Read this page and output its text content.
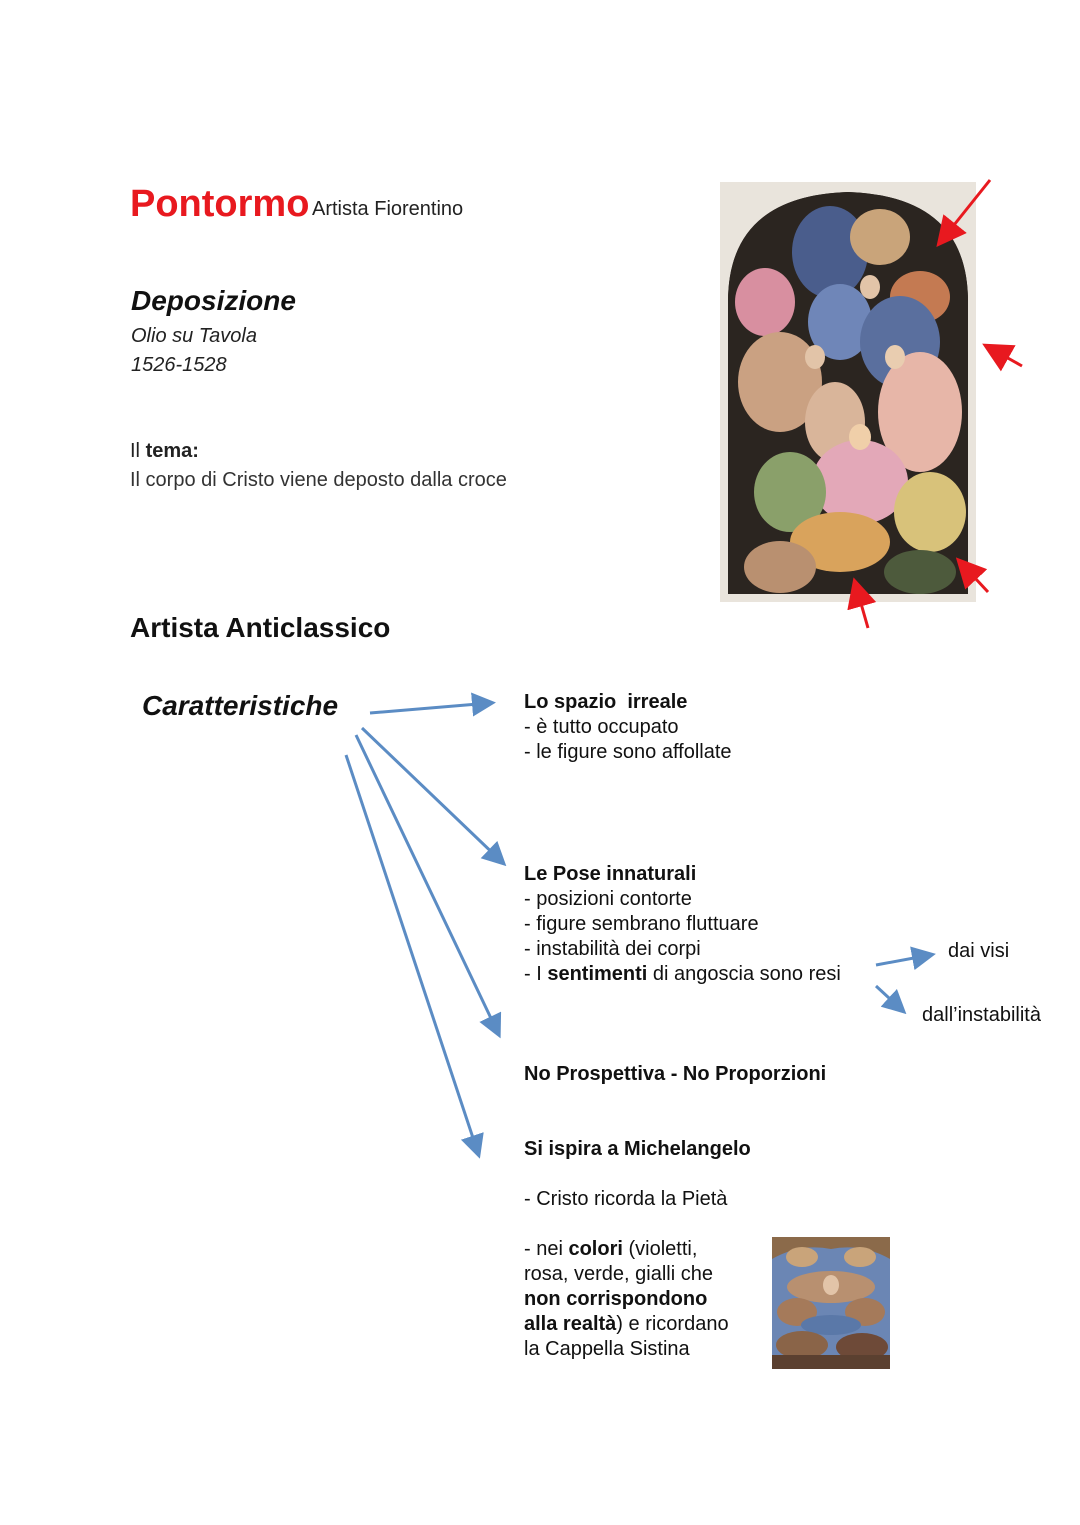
Pontormo Artista Fiorentino

Deposizione

Olio su Tavola

1526-1528

Il tema:

Il corpo di Cristo viene deposto dalla croce

Artista Anticlassico

Caratteristiche	Lo spazio  irreale
- è tutto occupato
- le figure sono affollate
Le Pose innaturali
- posizioni contorte
- figure sembrano fluttuare
- instabilità dei corpi
- I sentimenti di angoscia sono resi

dai visi

dall’instabilità

No Prospettiva - No Proporzioni
Si ispira a Michelangelo
- Cristo ricorda la Pietà
- nei colori (violetti,
rosa, verde, gialli che
non corrispondono
alla realtà) e ricordano
la Cappella Sistina
